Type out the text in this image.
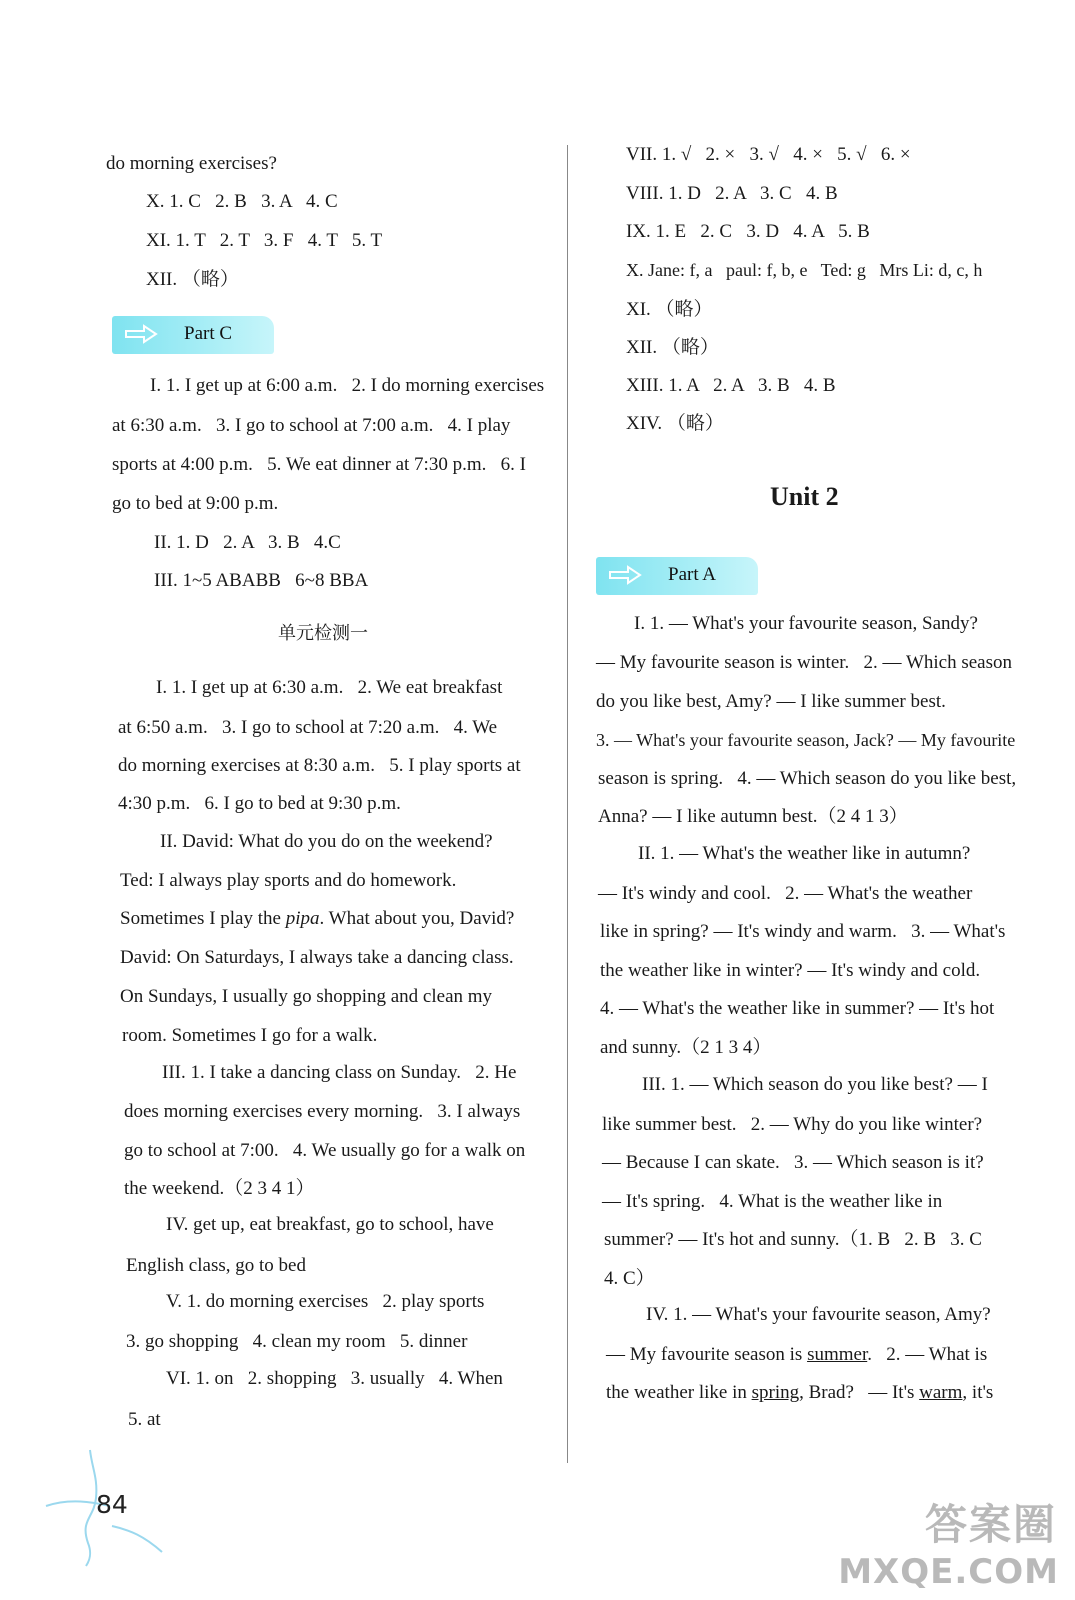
do morning exercises?
X. 1. C   2. B   3. A   4. C
XI. 1. T   2. T   3. F   4. T   5. T
XII. （略）
Part C
I. 1. I get up at 6:00 a.m.   2. I do morning exercises
at 6:30 a.m.   3. I go to school at 7:00 a.m.   4. I play
sports at 4:00 p.m.   5. We eat dinner at 7:30 p.m.   6. I
go to bed at 9:00 p.m.
II. 1. D   2. A   3. B   4.C
III. 1~5 ABABB   6~8 BBA
单元检测一
I. 1. I get up at 6:30 a.m.   2. We eat breakfast
at 6:50 a.m.   3. I go to school at 7:20 a.m.   4. We
do morning exercises at 8:30 a.m.   5. I play sports at
4:30 p.m.   6. I go to bed at 9:30 p.m.
II. David: What do you do on the weekend?
Ted: I always play sports and do homework.
Sometimes I play the pipa. What about you, David?
David: On Saturdays, I always take a dancing class.
On Sundays, I usually go shopping and clean my
room. Sometimes I go for a walk.
III. 1. I take a dancing class on Sunday.   2. He
does morning exercises every morning.   3. I always
go to school at 7:00.   4. We usually go for a walk on
the weekend.（2 3 4 1）
IV. get up, eat breakfast, go to school, have
English class, go to bed
V. 1. do morning exercises   2. play sports
3. go shopping   4. clean my room   5. dinner
VI. 1. on   2. shopping   3. usually   4. When
5. at
VII. 1. √   2. ×   3. √   4. ×   5. √   6. ×
VIII. 1. D   2. A   3. C   4. B
IX. 1. E   2. C   3. D   4. A   5. B
X. Jane: f, a   paul: f, b, e   Ted: g   Mrs Li: d, c, h
XI. （略）
XII. （略）
XIII. 1. A   2. A   3. B   4. B
XIV. （略）
Unit 2
Part A
I. 1. — What's your favourite season, Sandy?
— My favourite season is winter.   2. — Which season
do you like best, Amy? — I like summer best.
3. — What's your favourite season, Jack? — My favourite
season is spring.   4. — Which season do you like best,
Anna? — I like autumn best.（2 4 1 3）
II. 1. — What's the weather like in autumn?
— It's windy and cool.   2. — What's the weather
like in spring? — It's windy and warm.   3. — What's
the weather like in winter? — It's windy and cold.
4. — What's the weather like in summer? — It's hot
and sunny.（2 1 3 4）
III. 1. — Which season do you like best? — I
like summer best.   2. — Why do you like winter?
— Because I can skate.   3. — Which season is it?
— It's spring.   4. What is the weather like in
summer? — It's hot and sunny.（1. B   2. B   3. C
4. C）
IV. 1. — What's your favourite season, Amy?
— My favourite season is summer.   2. — What is
the weather like in spring, Brad?   — It's warm, it's
84	答案圈
MXQE.COM
